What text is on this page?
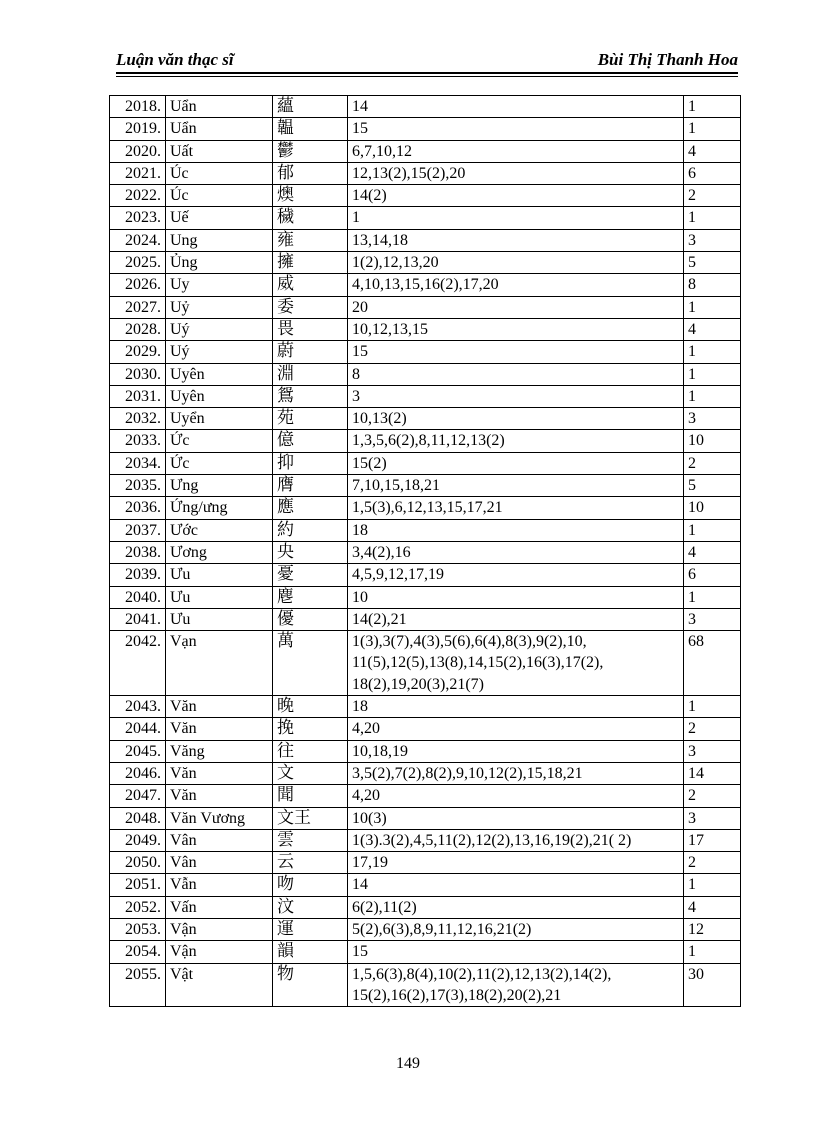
Luận văn thạc sĩ	Bùi Thị Thanh Hoa
2018.	Uẩn	蘊	14	1
2019.	Uẩn	韞	15	1
2020.	Uất	鬱	6,7,10,12	4
2021.	Úc	郁	12,13(2),15(2),20	6
2022.	Úc	燠	14(2)	2
2023.	Uế	穢	1	1
2024.	Ung	雍	13,14,18	3
2025.	Ủng	擁	1(2),12,13,20	5
2026.	Uy	威	4,10,13,15,16(2),17,20	8
2027.	Uỷ	委	20	1
2028.	Uý	畏	10,12,13,15	4
2029.	Uý	蔚	15	1
2030.	Uyên	淵	8	1
2031.	Uyên	鴛	3	1
2032.	Uyển	苑	10,13(2)	3
2033.	Ức	億	1,3,5,6(2),8,11,12,13(2)	10
2034.	Ức	抑	15(2)	2
2035.	Ưng	膺	7,10,15,18,21	5
2036.	Ứng/ưng	應	1,5(3),6,12,13,15,17,21	10
2037.	Ước	約	18	1
2038.	Ương	央	3,4(2),16	4
2039.	Ưu	憂	4,5,9,12,17,19	6
2040.	Ưu	麀	10	1
2041.	Ưu	優	14(2),21	3
2042.	Vạn	萬	1(3),3(7),4(3),5(6),6(4),8(3),9(2),10, 11(5),12(5),13(8),14,15(2),16(3),17(2), 18(2),19,20(3),21(7)	68
2043.	Văn	晚	18	1
2044.	Văn	挽	4,20	2
2045.	Văng	往	10,18,19	3
2046.	Văn	文	3,5(2),7(2),8(2),9,10,12(2),15,18,21	14
2047.	Văn	聞	4,20	2
2048.	Văn Vương	文王	10(3)	3
2049.	Vân	雲	1(3).3(2),4,5,11(2),12(2),13,16,19(2),21( 2)	17
2050.	Vân	云	17,19	2
2051.	Vẫn	吻	14	1
2052.	Vấn	汶	6(2),11(2)	4
2053.	Vận	運	5(2),6(3),8,9,11,12,16,21(2)	12
2054.	Vận	韻	15	1
2055.	Vật	物	1,5,6(3),8(4),10(2),11(2),12,13(2),14(2), 15(2),16(2),17(3),18(2),20(2),21	30
149
